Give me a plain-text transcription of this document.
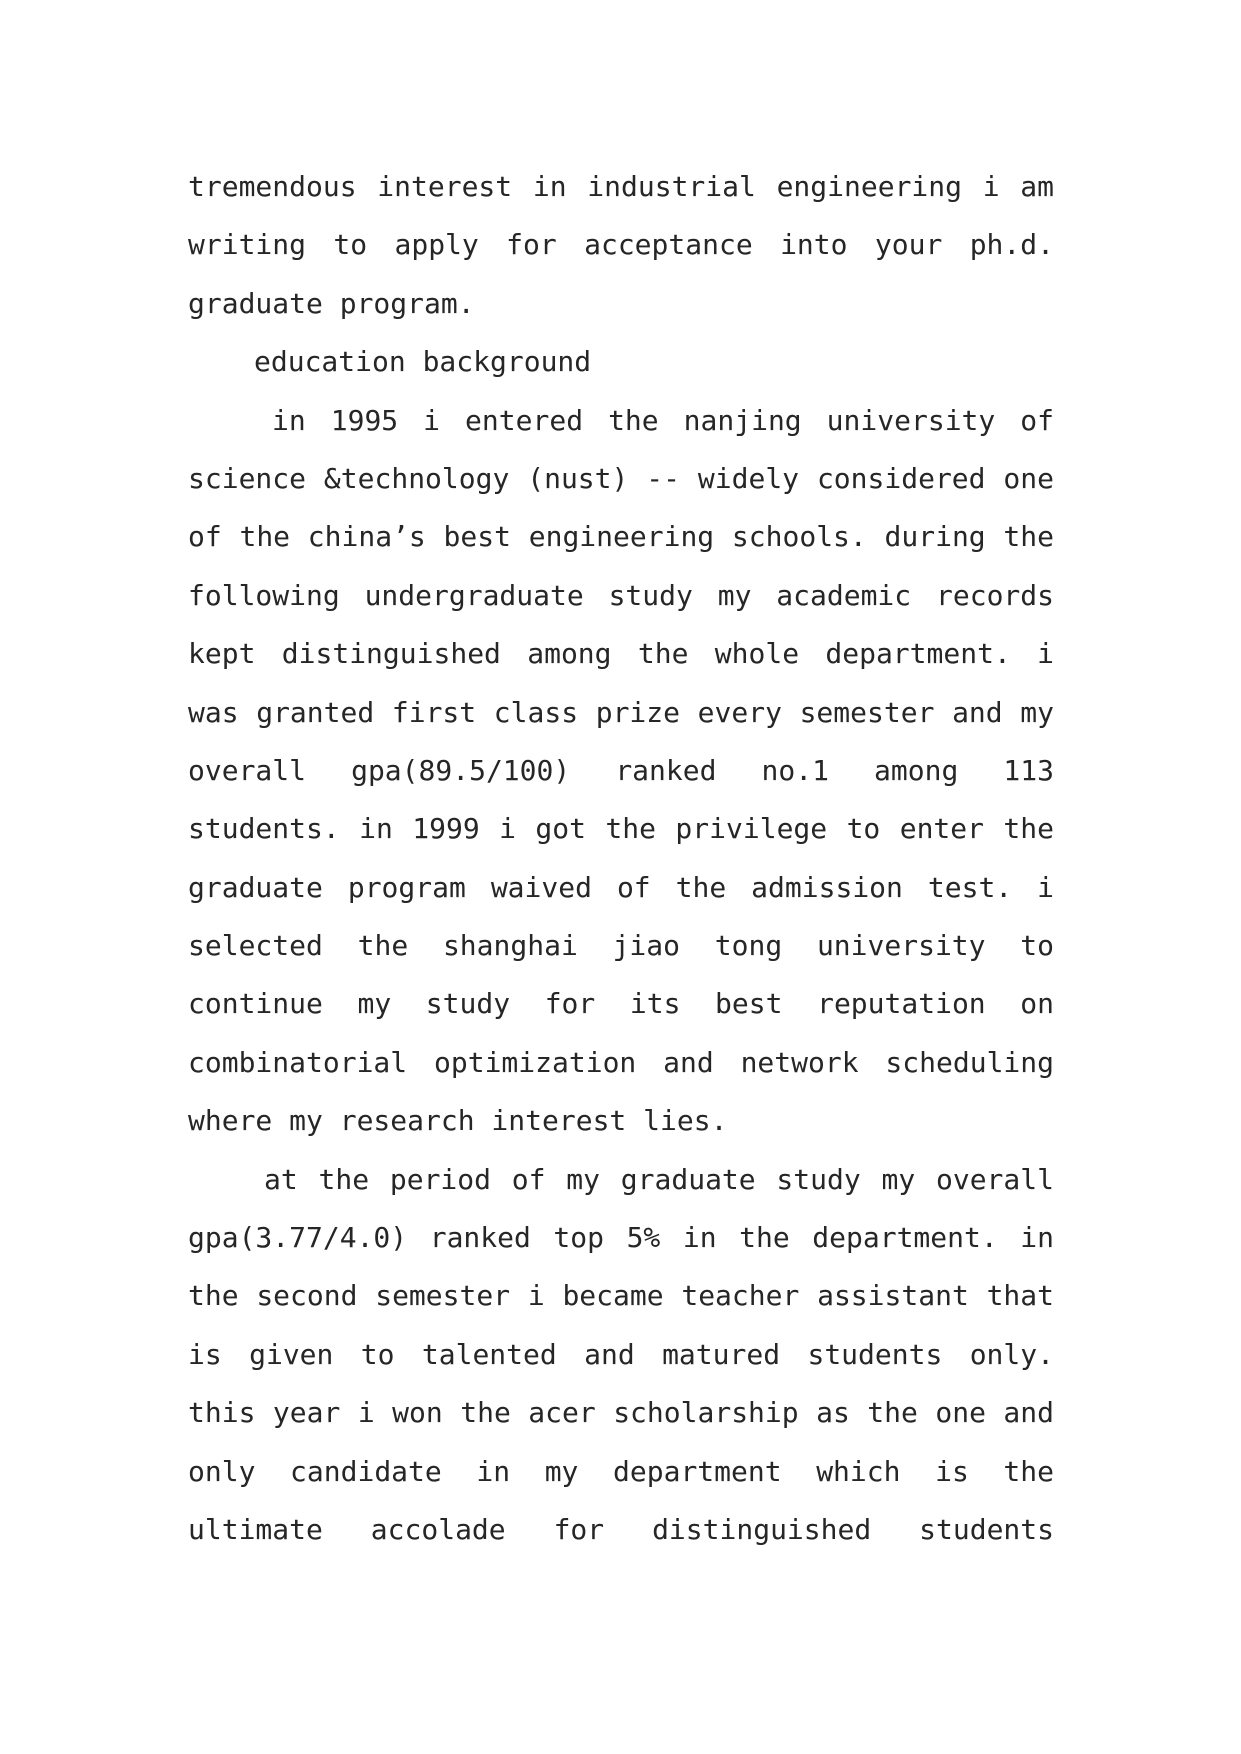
tremendous interest in industrial engineering i am
writing to apply for acceptance into your ph.d.
graduate program.
education background
in 1995 i entered the nanjing university of
science &technology (nust) -- widely considered one
of the china’s best engineering schools. during the
following undergraduate study my academic records
kept distinguished among the whole department. i
was granted first class prize every semester and my
overall gpa(89.5/100) ranked no.1 among 113
students. in 1999 i got the privilege to enter the
graduate program waived of the admission test. i
selected the shanghai jiao tong university to
continue my study for its best reputation on
combinatorial optimization and network scheduling
where my research interest lies.
at the period of my graduate study my overall
gpa(3.77/4.0) ranked top 5% in the department. in
the second semester i became teacher assistant that
is given to talented and matured students only.
this year i won the acer scholarship as the one and
only candidate in my department which is the
ultimate accolade for distinguished students
